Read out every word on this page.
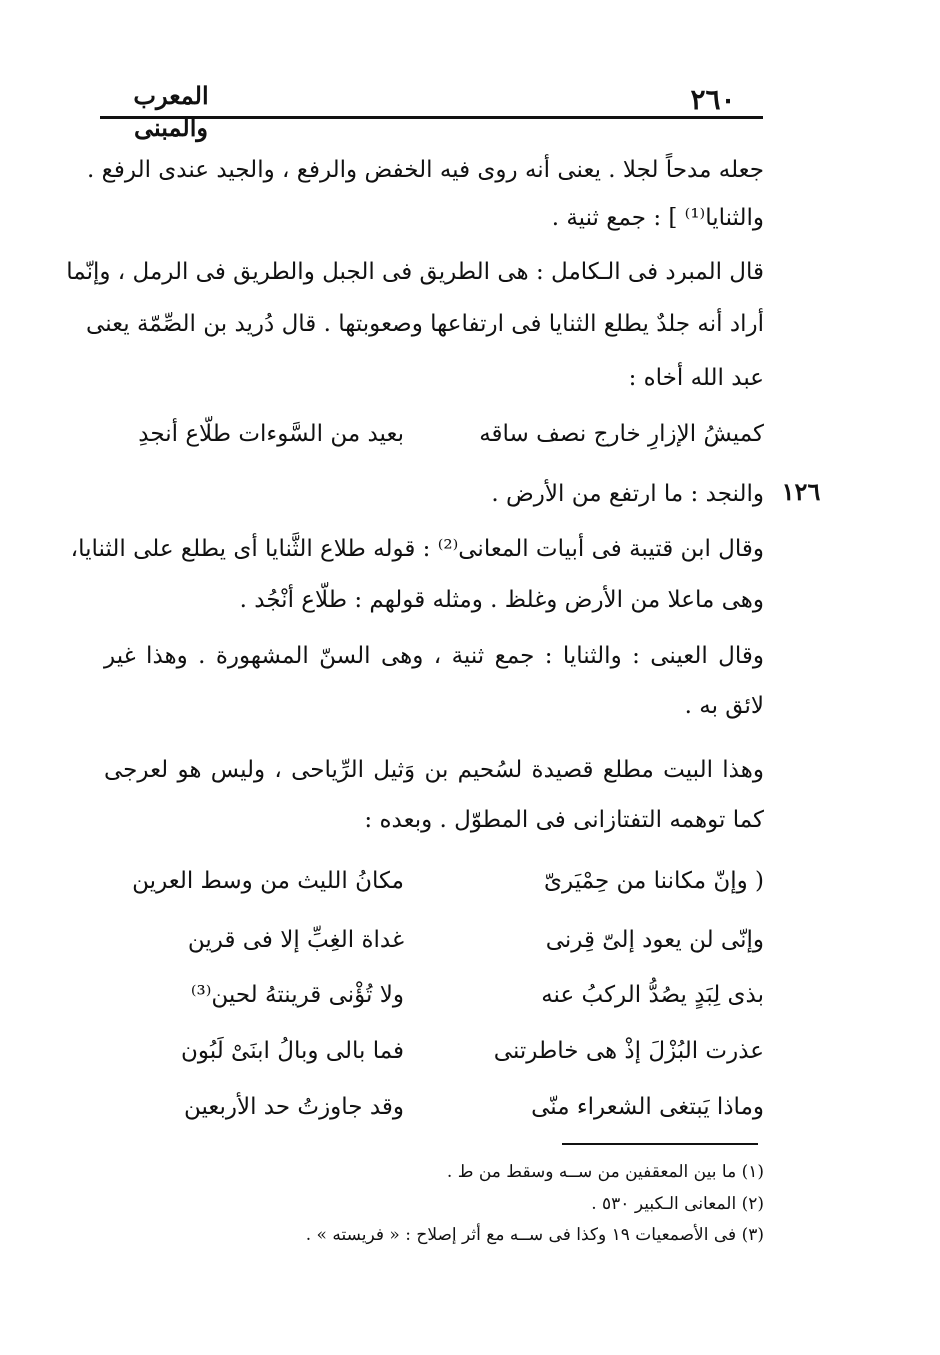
٢٦٠
المعرب والمبنى
جعله مدحاً لجلا . يعنى أنه روى فيه الخفض والرفع ، والجيد عندى الرفع .
والثنايا⁽¹⁾ ] : جمع ثنية .
قال المبرد فى الـكامل : هى الطريق فى الجبل والطريق فى الرمل ، وإنّما
أراد أنه جلدٌ يطلع الثنايا فى ارتفاعها وصعوبتها . قال دُريد بن الصِّمّة يعنى
عبد الله أخاه :
كميشُ الإزارِ خارج نصف ساقه
بعيد من السَّوءات طلّاع أنجدِ
١٢٦
والنجد : ما ارتفع من الأرض .
وقال ابن قتيبة فى أبيات المعانى⁽²⁾ : قوله طلاع الثَّنايا أى يطلع على الثنايا،
وهى ماعلا من الأرض وغلظ . ومثله قولهم : طلّاع أنْجُد .
وقال العينى : والثنايا : جمع ثنية ، وهى السنّ المشهورة . وهذا غير
لائق به .
وهذا البيت مطلع قصيدة لسُحيم بن وَثيل الرِّياحى ، وليس هو لعرجى
كما توهمه التفتازانى فى المطوّل . وبعده :
( وإنّ مكاننا من حِمْيَرىّ
مكانُ الليث من وسط العرين
وإنّى لن يعود إلىّ قِرنى
غداة الغِبِّ إلا فى قرين
بذى لِبَدٍ يصُدُّ الركبُ عنه
ولا تُؤْنى قرينتهُ لحين⁽³⁾
عذرت البُزْلَ إذْ هى خاطرتنى
فما بالى وبالُ ابنَىْ لَبُون
وماذا يَبتغى الشعراء منّى
وقد جاوزتُ حد الأربعين
(١) ما بين المعقفين من ســه وسقط من ط .
(٢) المعانى الـكبير ٥٣٠ .
(٣) فى الأصمعيات ١٩ وكذا فى ســه مع أثر إصلاح : « فريسته » .
